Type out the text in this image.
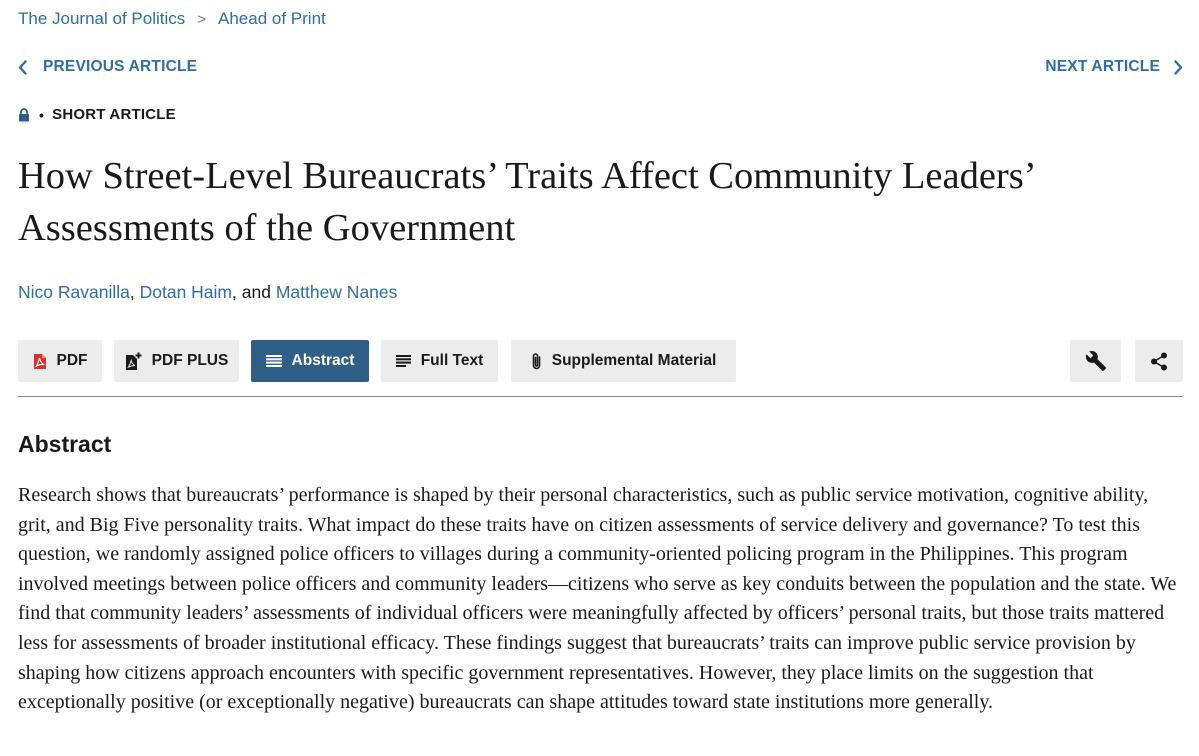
The Journal of Politics > Ahead of Print
PREVIOUS ARTICLE	NEXT ARTICLE
• SHORT ARTICLE
How Street-Level Bureaucrats’ Traits Affect Community Leaders’ Assessments of the Government
Nico Ravanilla, Dotan Haim, and Matthew Nanes
PDF	PDF PLUS	Abstract	Full Text	Supplemental Material
Abstract

Research shows that bureaucrats’ performance is shaped by their personal characteristics, such as public service motivation, cognitive ability, grit, and Big Five personality traits. What impact do these traits have on citizen assessments of service delivery and governance? To test this question, we randomly assigned police officers to villages during a community-oriented policing program in the Philippines. This program involved meetings between police officers and community leaders—citizens who serve as key conduits between the population and the state. We find that community leaders’ assessments of individual officers were meaningfully affected by officers’ personal traits, but those traits mattered less for assessments of broader institutional efficacy. These findings suggest that bureaucrats’ traits can improve public service provision by shaping how citizens approach encounters with specific government representatives. However, they place limits on the suggestion that exceptionally positive (or exceptionally negative) bureaucrats can shape attitudes toward state institutions more generally.
